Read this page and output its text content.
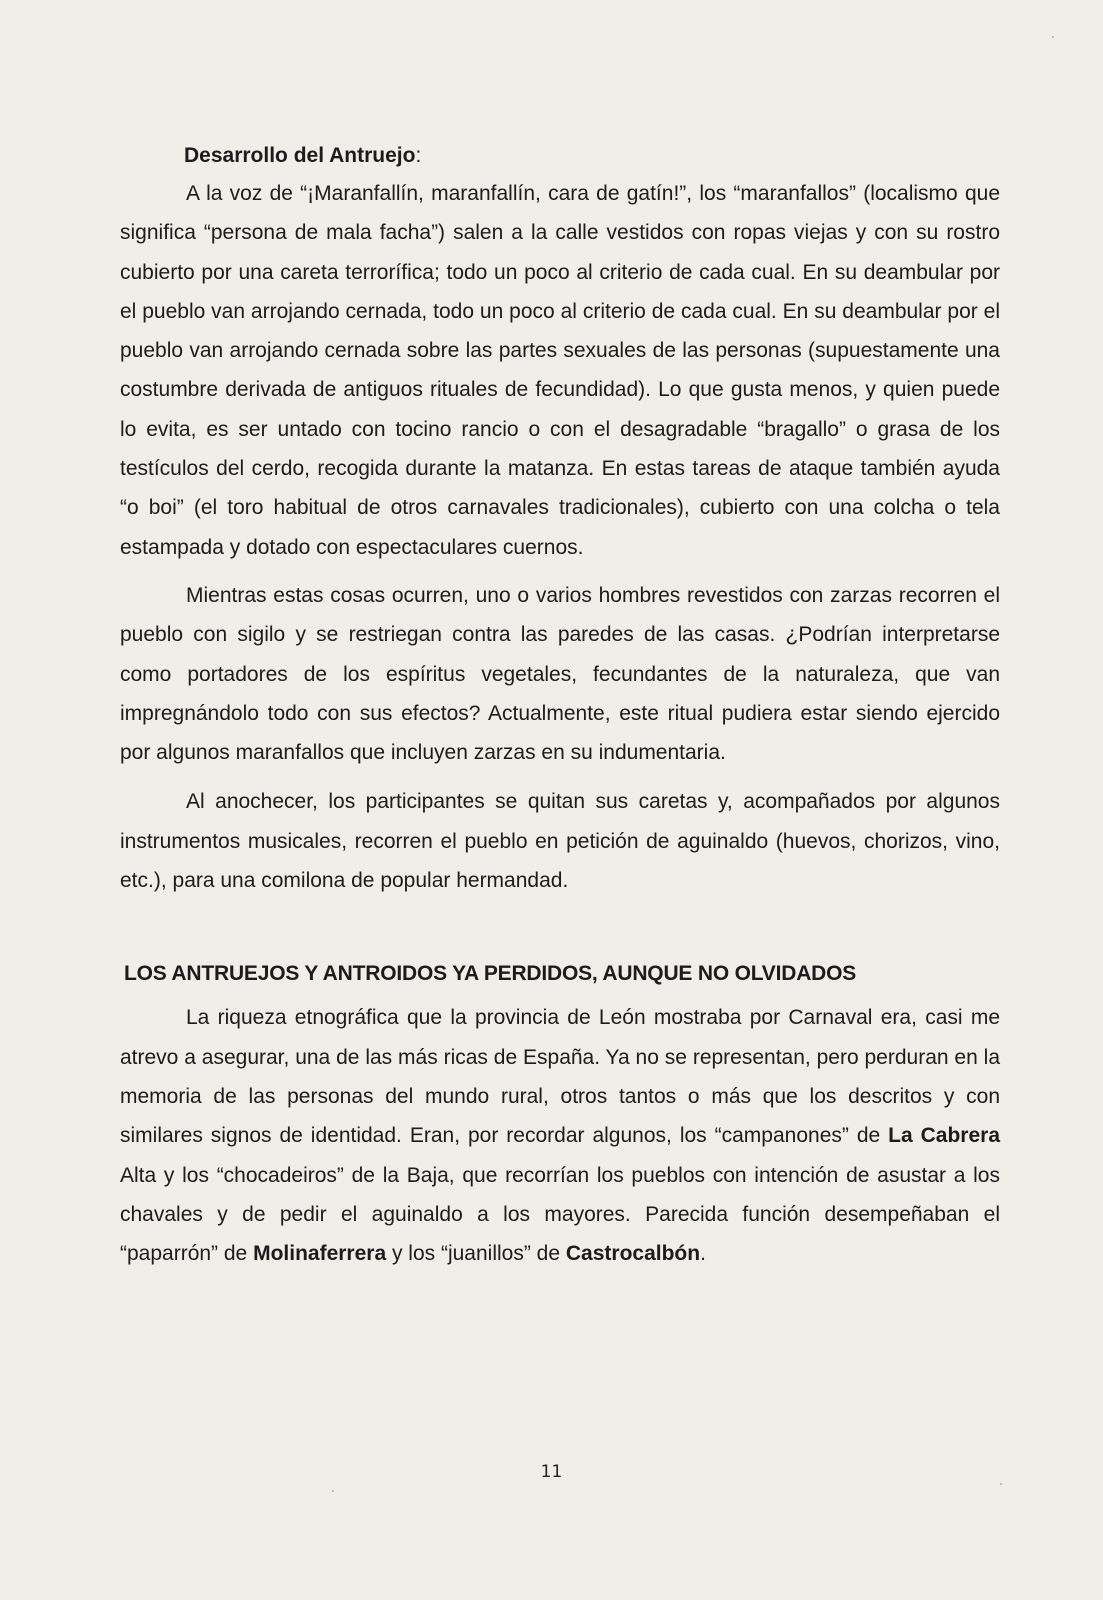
Desarrollo del Antruejo:

A la voz de “¡Maranfallín, maranfallín, cara de gatín!”, los “maranfallos” (localismo que significa “persona de mala facha”) salen a la calle vestidos con ropas viejas y con su rostro cubierto por una careta terrorífica; todo un poco al criterio de cada cual. En su deambular por el pueblo van arrojando cernada, todo un poco al criterio de cada cual. En su deambular por el pueblo van arrojando cernada sobre las partes sexuales de las personas (supuestamente una costumbre derivada de antiguos rituales de fecundidad). Lo que gusta menos, y quien puede lo evita, es ser untado con tocino rancio o con el desagradable “bragallo” o grasa de los testículos del cerdo, recogida durante la matanza. En estas tareas de ataque también ayuda “o boi” (el toro habitual de otros carnavales tradicionales), cubierto con una colcha o tela estampada y dotado con espectaculares cuernos.

Mientras estas cosas ocurren, uno o varios hombres revestidos con zarzas recorren el pueblo con sigilo y se restriegan contra las paredes de las casas. ¿Podrían interpretarse como portadores de los espíritus vegetales, fecundantes de la naturaleza, que van impregnándolo todo con sus efectos? Actualmente, este ritual pudiera estar siendo ejercido por algunos maranfallos que incluyen zarzas en su indumentaria.

Al anochecer, los participantes se quitan sus caretas y, acompañados por algunos instrumentos musicales, recorren el pueblo en petición de aguinaldo (huevos, chorizos, vino, etc.), para una comilona de popular hermandad.

LOS ANTRUEJOS Y ANTROIDOS YA PERDIDOS, AUNQUE NO OLVIDADOS

La riqueza etnográfica que la provincia de León mostraba por Carnaval era, casi me atrevo a asegurar, una de las más ricas de España. Ya no se representan, pero perduran en la memoria de las personas del mundo rural, otros tantos o más que los descritos y con similares signos de identidad. Eran, por recordar algunos, los “campanones” de La Cabrera Alta y los “chocadeiros” de la Baja, que recorrían los pueblos con intención de asustar a los chavales y de pedir el aguinaldo a los mayores. Parecida función desempeñaban el “paparrón” de Molinaferrera y los “juanillos” de Castrocalbón.

11
